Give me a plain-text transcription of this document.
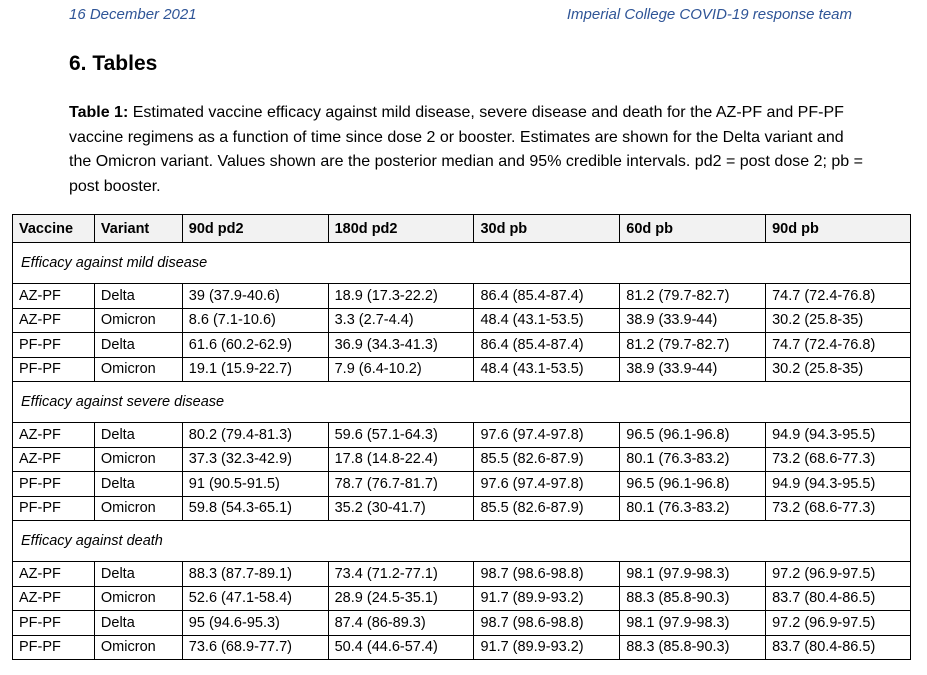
16 December 2021	Imperial College COVID-19 response team
6. Tables
Table 1: Estimated vaccine efficacy against mild disease, severe disease and death for the AZ-PF and PF-PF vaccine regimens as a function of time since dose 2 or booster. Estimates are shown for the Delta variant and the Omicron variant. Values shown are the posterior median and 95% credible intervals. pd2 = post dose 2; pb = post booster.
Vaccine	Variant	90d pd2	180d pd2	30d pb	60d pb	90d pb
Efficacy against mild disease						
AZ-PF	Delta	39 (37.9-40.6)	18.9 (17.3-22.2)	86.4 (85.4-87.4)	81.2 (79.7-82.7)	74.7 (72.4-76.8)
AZ-PF	Omicron	8.6 (7.1-10.6)	3.3 (2.7-4.4)	48.4 (43.1-53.5)	38.9 (33.9-44)	30.2 (25.8-35)
PF-PF	Delta	61.6 (60.2-62.9)	36.9 (34.3-41.3)	86.4 (85.4-87.4)	81.2 (79.7-82.7)	74.7 (72.4-76.8)
PF-PF	Omicron	19.1 (15.9-22.7)	7.9 (6.4-10.2)	48.4 (43.1-53.5)	38.9 (33.9-44)	30.2 (25.8-35)
Efficacy against severe disease						
AZ-PF	Delta	80.2 (79.4-81.3)	59.6 (57.1-64.3)	97.6 (97.4-97.8)	96.5 (96.1-96.8)	94.9 (94.3-95.5)
AZ-PF	Omicron	37.3 (32.3-42.9)	17.8 (14.8-22.4)	85.5 (82.6-87.9)	80.1 (76.3-83.2)	73.2 (68.6-77.3)
PF-PF	Delta	91 (90.5-91.5)	78.7 (76.7-81.7)	97.6 (97.4-97.8)	96.5 (96.1-96.8)	94.9 (94.3-95.5)
PF-PF	Omicron	59.8 (54.3-65.1)	35.2 (30-41.7)	85.5 (82.6-87.9)	80.1 (76.3-83.2)	73.2 (68.6-77.3)
Efficacy against death						
AZ-PF	Delta	88.3 (87.7-89.1)	73.4 (71.2-77.1)	98.7 (98.6-98.8)	98.1 (97.9-98.3)	97.2 (96.9-97.5)
AZ-PF	Omicron	52.6 (47.1-58.4)	28.9 (24.5-35.1)	91.7 (89.9-93.2)	88.3 (85.8-90.3)	83.7 (80.4-86.5)
PF-PF	Delta	95 (94.6-95.3)	87.4 (86-89.3)	98.7 (98.6-98.8)	98.1 (97.9-98.3)	97.2 (96.9-97.5)
PF-PF	Omicron	73.6 (68.9-77.7)	50.4 (44.6-57.4)	91.7 (89.9-93.2)	88.3 (85.8-90.3)	83.7 (80.4-86.5)
